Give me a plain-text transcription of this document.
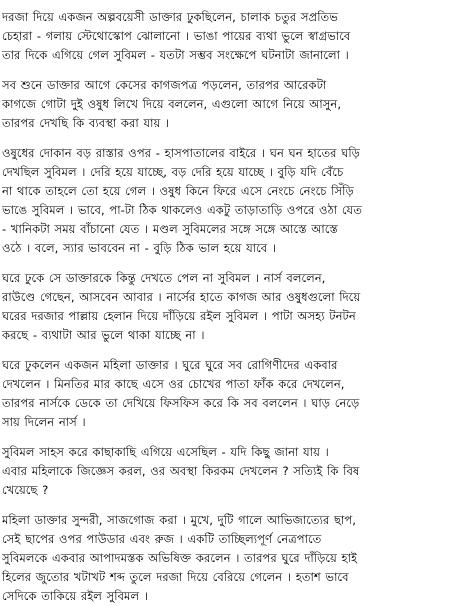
দরজা দিয়ে একজন অল্পবয়েসী ডাক্তার ঢুকছিলেন, চালাক চতুর সপ্রতিভ
চেহারা - গলায় স্টেথোস্কোপ ঝোলানো । ভাঙা পায়ের ব্যথা ভুলে স্বাগ্রভাবে
তার দিকে এগিয়ে গেল সুবিমল - যতটা সম্ভব সংক্ষেপে ঘটনাটা জানালো ।
সব শুনে ডাক্তার আগে কেসের কাগজপত্র পড়লেন, তারপর আরেকটা
কাগজে গোটা দুই ওষুধ লিখে দিয়ে বললেন, এগুলো আগে নিয়ে আসুন,
তারপর দেখছি কি ব্যবস্থা করা যায় ।
ওষুধের দোকান বড় রাস্তার ওপর - হাসপাতালের বাইরে । ঘন ঘন হাতের ঘড়ি
দেখছিল সুবিমল । দেরি হয়ে যাচ্ছে, বড় দেরি হয়ে যাচ্ছে । বুড়ি যদি বেঁচে
না থাকে তাহলে তো হয়ে গেল । ওষুধ কিনে ফিরে এসে নেংচে নেংচে সিঁড়ি
ভাঙে সুবিমল । ভাবে, পা-টা ঠিক থাকলেও একটু তাড়াতাড়ি ওপরে ওঠা যেত
- খানিকটা সময় বাঁচানো যেত । মণ্ডল সুবিমলের সঙ্গে সঙ্গে আস্তে আস্তে
ওঠে । বলে, স্যার ভাববেন না - বুড়ি ঠিক ভাল হয়ে যাবে ।
ঘরে ঢুকে সে ডাক্তারকে কিন্তু দেখতে পেল না সুবিমল । নার্স বললেন,
রাউণ্ডে গেছেন, আসবেন আবার । নার্সের হাতে কাগজ আর ওষুধগুলো দিয়ে
ঘরের দরজার পাল্লায় হেলান দিয়ে দাঁড়িয়ে রইল সুবিমল । পাটা অসহ্য টনটন
করছে - ব্যথাটা আর ভুলে থাকা যাচ্ছে না ।
ঘরে ঢুকলেন একজন মহিলা ডাক্তার । ঘুরে ঘুরে সব রোগিণীদের একবার
দেখলেন । মিনতির মার কাছে এসে ওর চোখের পাতা ফাঁক করে দেখলেন,
তারপর নার্সকে ডেকে তা দেখিয়ে ফিসফিস করে কি সব বললেন । ঘাড় নেড়ে
সায় দিলেন নার্স ।
সুবিমল সাহস করে কাছাকাছি এগিয়ে এসেছিল - যদি কিছু জানা যায় ।
এবার মহিলাকে জিজ্ঞেস করল, ওর অবস্থা কিরকম দেখলেন ? সত্যিই কি বিষ
খেয়েছে ?
মহিলা ডাক্তার সুন্দরী, সাজগোজ করা । মুখে, দুটি গালে আভিজাত্যের ছাপ,
সেই ছাপের ওপর পাউডার এবং রুজ । একটি তাচ্ছিল্যপূর্ণ নেত্রপাতে
সুবিমলকে একবার আপাদমস্তক অভিষিক্ত করলেন । তারপর ঘুরে দাঁড়িয়ে হাই
হিলের জুতোর খটাখট শব্দ তুলে দরজা দিয়ে বেরিয়ে গেলেন । হতাশ ভাবে
সেদিকে তাকিয়ে রইল সুবিমল ।
